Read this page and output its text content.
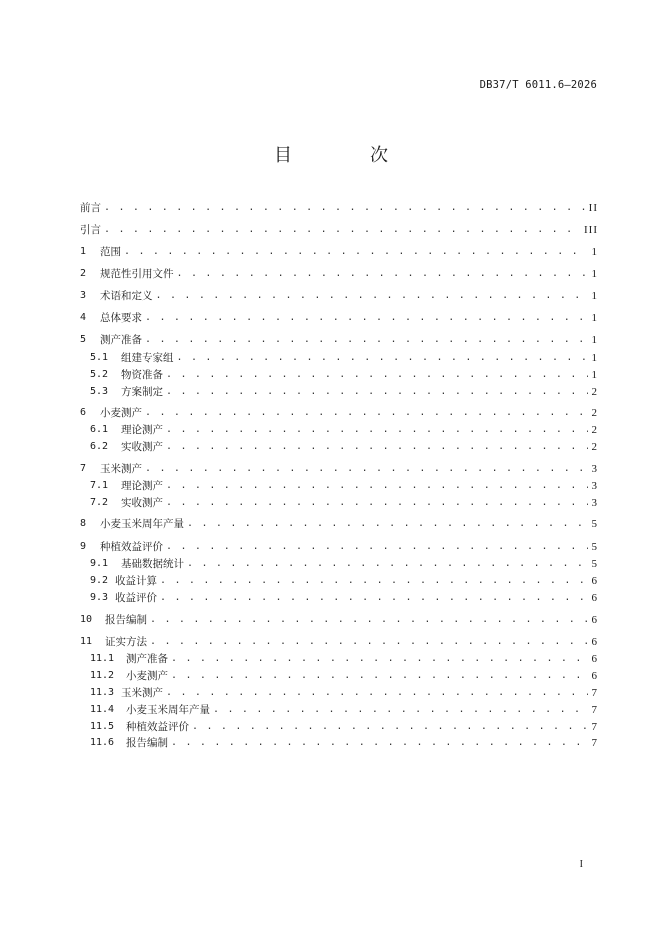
DB37/T 6011.6—2026
目　次
前言 . . .	II
引言 . . .	III
1	范围 . . .	1
2	规范性引用文件 . . .	1
3	术语和定义 . . .	1
4	总体要求 . . .	1
5	测产准备 . . .	1
5.1	组建专家组 . . .	1
5.2	物资准备 . . .	1
5.3	方案制定 . . .	2
6	小麦测产 . . .	2
6.1	理论测产 . . .	2
6.2	实收测产 . . .	2
7	玉米测产 . . .	3
7.1	理论测产 . . .	3
7.2	实收测产 . . .	3
8	小麦玉米周年产量 . . .	5
9	种植效益评价 . . .	5
9.1	基础数据统计 . . .	5
9.2 收益计算 . . .	6
9.3 收益评价 . . .	6
10	报告编制 . . .	6
11	证实方法 . . .	6
11.1	测产准备 . . .	6
11.2	小麦测产 . . .	6
11.3 玉米测产 . . .	7
11.4	小麦玉米周年产量 . . .	7
11.5	种植效益评价 . . .	7
11.6	报告编制 . . .	7
I
